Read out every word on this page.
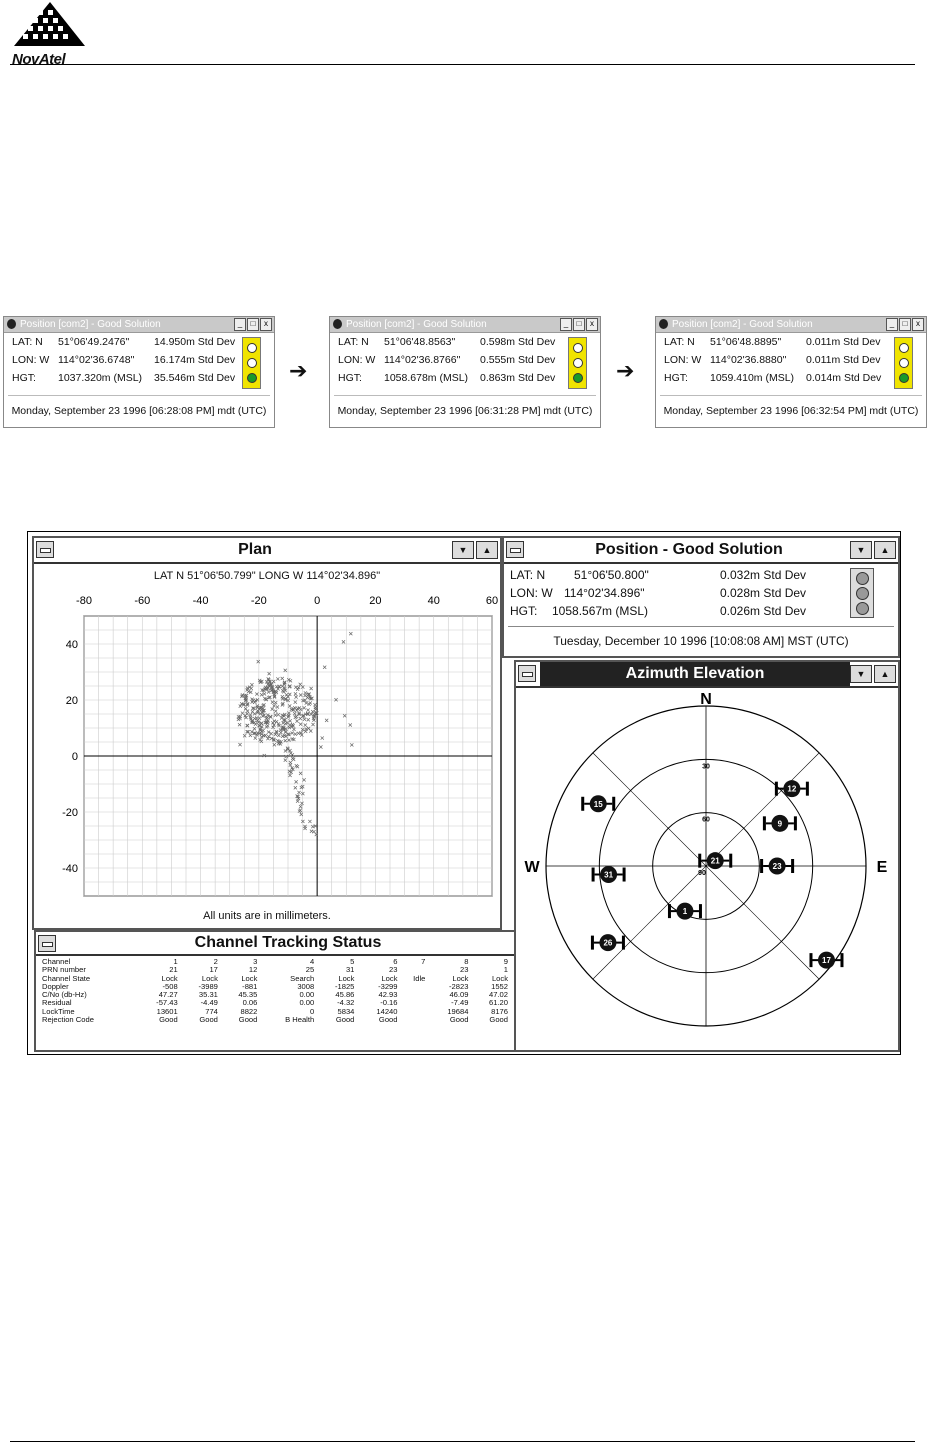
NovAtel
Position [com2] - Good Solution	_	□	x
LAT: N 51°06'49.2476" 14.950m Std Dev
LON: W 114°02'36.6748" 16.174m Std Dev
HGT: 1037.320m (MSL) 35.546m Std Dev
Monday, September 23 1996 [06:28:08 PM] mdt (UTC)
➔
Position [com2] - Good Solution	_	□	x
LAT: N 51°06'48.8563" 0.598m Std Dev
LON: W 114°02'36.8766" 0.555m Std Dev
HGT: 1058.678m (MSL) 0.863m Std Dev
Monday, September 23 1996 [06:31:28 PM] mdt (UTC)
➔
Position [com2] - Good Solution	_	□	x
LAT: N 51°06'48.8895" 0.011m Std Dev
LON: W 114°02'36.8880" 0.011m Std Dev
HGT: 1059.410m (MSL) 0.014m Std Dev
Monday, September 23 1996 [06:32:54 PM] mdt (UTC)
Plan	▼	▲
LAT N 51°06'50.799" LONG W 114°02'34.896"
-80	-60	-40	-20	0	20	40	60
40
20
0
-20
-40
All units are in millimeters.
Channel Tracking Status
Channel	1	2	3	4	5	6	7	8	9
PRN number	21	17	12	25	31	23		23	1
Channel State	Lock	Lock	Lock	Search	Lock	Lock	Idle	Lock	Lock
Doppler	-508	-3989	-881	3008	-1825	-3299		-2823	1552
C/No (db-Hz)	47.27	35.31	45.35	0.00	45.86	42.93		46.09	47.02
Residual	-57.43	-4.49	0.06	0.00	-4.32	-0.16		-7.49	61.20
LockTime	13601	774	8822	0	5834	14240		19684	8176
Rejection Code	Good	Good	Good	B Health	Good	Good		Good	Good
Position - Good Solution	▼	▲
LAT: N 51°06'50.800"	0.032m Std Dev
LON: W 114°02'34.896"	0.028m Std Dev
HGT: 1058.567m (MSL)	0.026m Std Dev
Tuesday, December 10 1996 [10:08:08 AM] MST (UTC)
Azimuth Elevation	▼	▲
N
E
W
30
60
90
15
12
9
21
23
31
1
26
17
